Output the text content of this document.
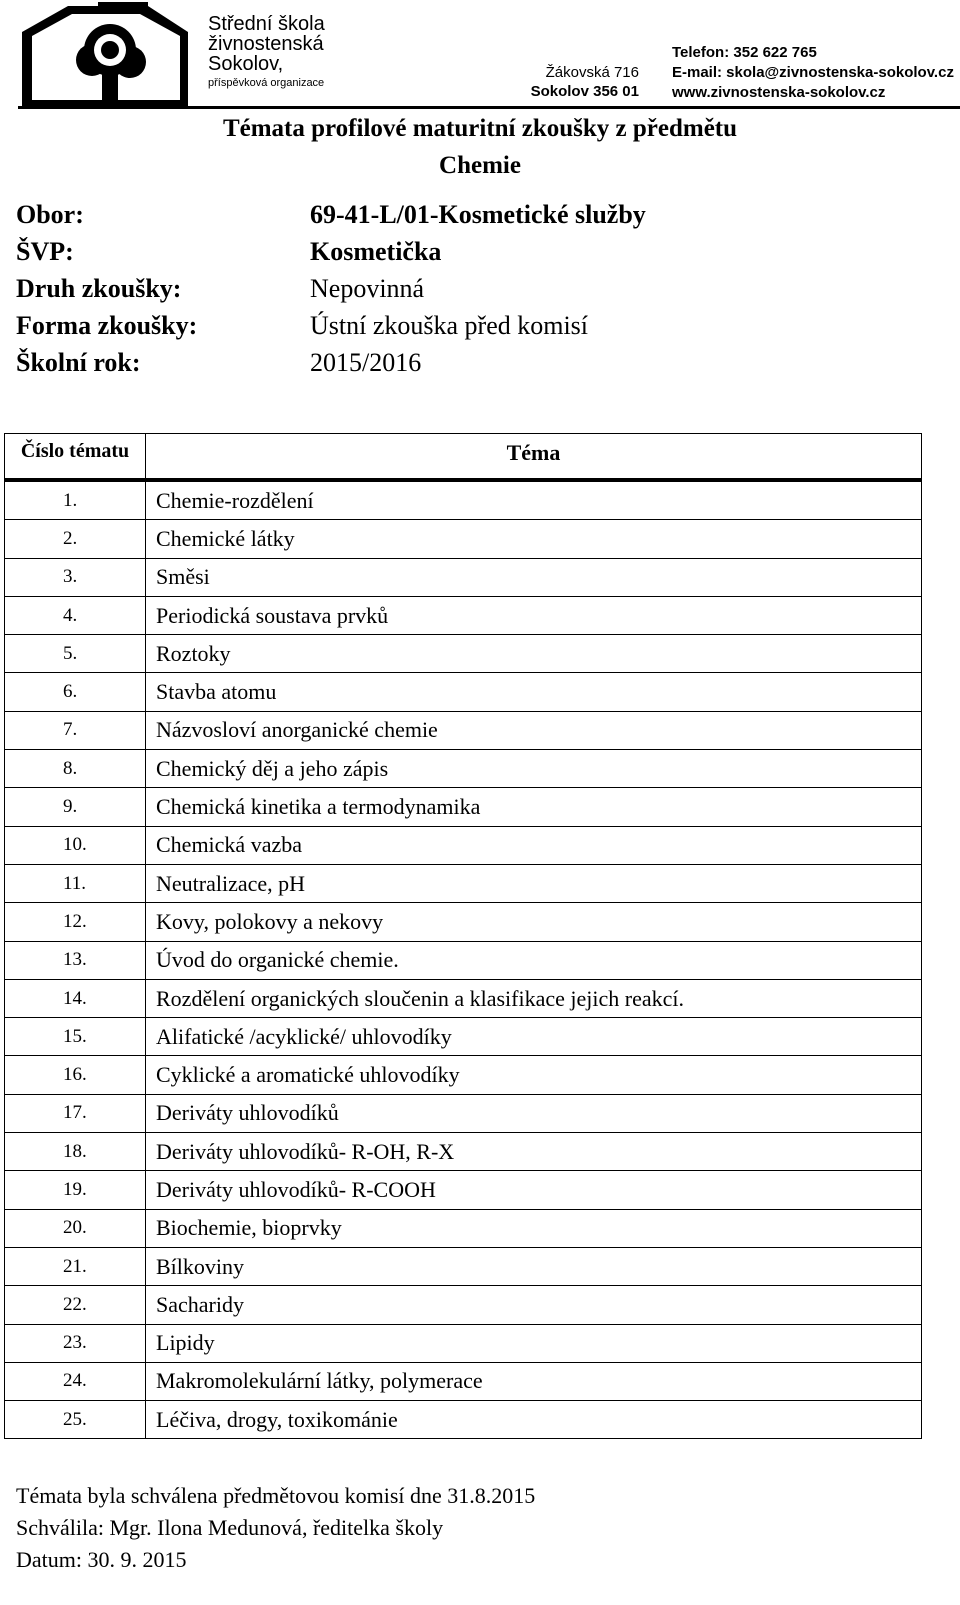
Střední škola
živnostenská
Sokolov,
příspěvková organizace
Žákovská 716
Sokolov 356 01
Telefon: 352 622 765
E-mail: skola@zivnostenska-sokolov.cz
www.zivnostenska-sokolov.cz
Témata profilové maturitní zkoušky z předmětu
Chemie
Obor:	69-41-L/01-Kosmetické služby
ŠVP:	Kosmetička
Druh zkoušky:	Nepovinná
Forma zkoušky:	Ústní zkouška před komisí
Školní rok:	2015/2016
Číslo tématu	Téma
1.	Chemie-rozdělení
2.	Chemické látky
3.	Směsi
4.	Periodická soustava prvků
5.	Roztoky
6.	Stavba atomu
7.	Názvosloví anorganické chemie
8.	Chemický děj a jeho zápis
9.	Chemická kinetika a termodynamika
10.	Chemická vazba
11.	Neutralizace, pH
12.	Kovy, polokovy a nekovy
13.	Úvod do organické chemie.
14.	Rozdělení organických sloučenin a klasifikace jejich reakcí.
15.	Alifatické /acyklické/ uhlovodíky
16.	Cyklické a aromatické uhlovodíky
17.	Deriváty uhlovodíků
18.	Deriváty uhlovodíků- R-OH, R-X
19.	Deriváty uhlovodíků- R-COOH
20.	Biochemie, bioprvky
21.	Bílkoviny
22.	Sacharidy
23.	Lipidy
24.	Makromolekulární látky, polymerace
25.	Léčiva, drogy, toxikománie
Témata byla schválena předmětovou komisí dne 31.8.2015
Schválila: Mgr. Ilona Medunová, ředitelka školy
Datum: 30. 9. 2015
